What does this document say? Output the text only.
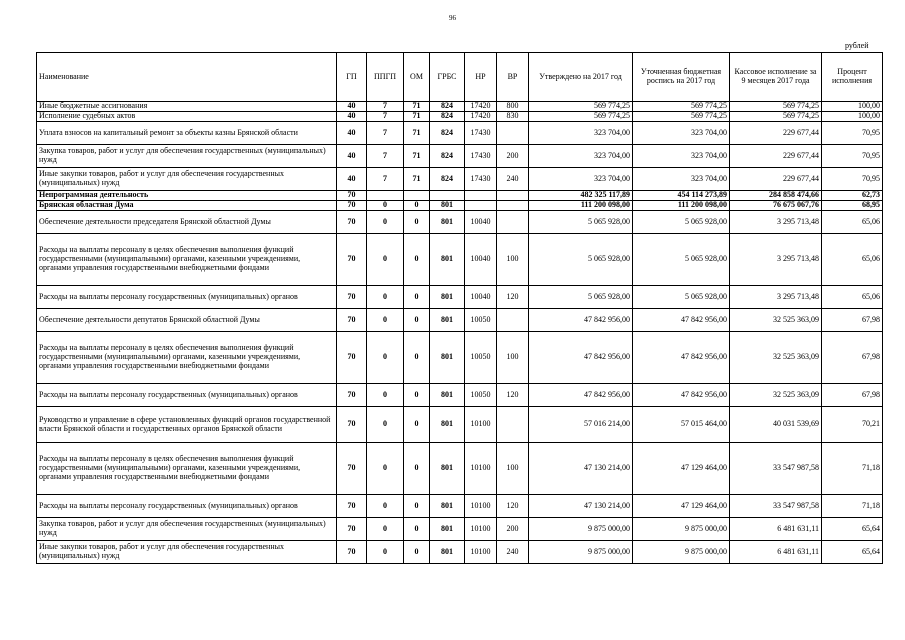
96
рублей
Наименование	ГП	ППГП	ОМ	ГРБС	НР	ВР	Утверждено на 2017 год	Уточненная бюджетная роспись на 2017 год	Кассовое исполнение за 9 месяцев 2017 года	Процент исполнения
Иные бюджетные ассигнования	40	7	71	824	17420	800	569 774,25	569 774,25	569 774,25	100,00
Исполнение судебных актов	40	7	71	824	17420	830	569 774,25	569 774,25	569 774,25	100,00
Уплата взносов на капитальный ремонт за объекты казны Брянской области	40	7	71	824	17430		323 704,00	323 704,00	229 677,44	70,95
Закупка товаров, работ и услуг для обеспечения государственных (муниципальных) нужд	40	7	71	824	17430	200	323 704,00	323 704,00	229 677,44	70,95
Иные закупки товаров, работ и услуг для обеспечения государственных (муниципальных) нужд	40	7	71	824	17430	240	323 704,00	323 704,00	229 677,44	70,95
Непрограммная деятельность	70						482 325 117,89	454 114 273,89	284 858 474,66	62,73
Брянская областная Дума	70	0	0	801			111 200 098,00	111 200 098,00	76 675 067,76	68,95
Обеспечение деятельности председателя Брянской областной Думы	70	0	0	801	10040		5 065 928,00	5 065 928,00	3 295 713,48	65,06
Расходы на выплаты персоналу в целях обеспечения выполнения функций государственными (муниципальными) органами, казенными учреждениями, органами управления государственными внебюджетными фондами	70	0	0	801	10040	100	5 065 928,00	5 065 928,00	3 295 713,48	65,06
Расходы на выплаты персоналу государственных (муниципальных) органов	70	0	0	801	10040	120	5 065 928,00	5 065 928,00	3 295 713,48	65,06
Обеспечение деятельности депутатов Брянской областной Думы	70	0	0	801	10050		47 842 956,00	47 842 956,00	32 525 363,09	67,98
Расходы на выплаты персоналу в целях обеспечения выполнения функций государственными (муниципальными) органами, казенными учреждениями, органами управления государственными внебюджетными фондами	70	0	0	801	10050	100	47 842 956,00	47 842 956,00	32 525 363,09	67,98
Расходы на выплаты персоналу государственных (муниципальных) органов	70	0	0	801	10050	120	47 842 956,00	47 842 956,00	32 525 363,09	67,98
Руководство и управление в сфере установленных функций органов государственной власти Брянской области и государственных органов Брянской области	70	0	0	801	10100		57 016 214,00	57 015 464,00	40 031 539,69	70,21
Расходы на выплаты персоналу в целях обеспечения выполнения функций государственными (муниципальными) органами, казенными учреждениями, органами управления государственными внебюджетными фондами	70	0	0	801	10100	100	47 130 214,00	47 129 464,00	33 547 987,58	71,18
Расходы на выплаты персоналу государственных (муниципальных) органов	70	0	0	801	10100	120	47 130 214,00	47 129 464,00	33 547 987,58	71,18
Закупка товаров, работ и услуг для обеспечения государственных (муниципальных) нужд	70	0	0	801	10100	200	9 875 000,00	9 875 000,00	6 481 631,11	65,64
Иные закупки товаров, работ и услуг для обеспечения государственных (муниципальных) нужд	70	0	0	801	10100	240	9 875 000,00	9 875 000,00	6 481 631,11	65,64
